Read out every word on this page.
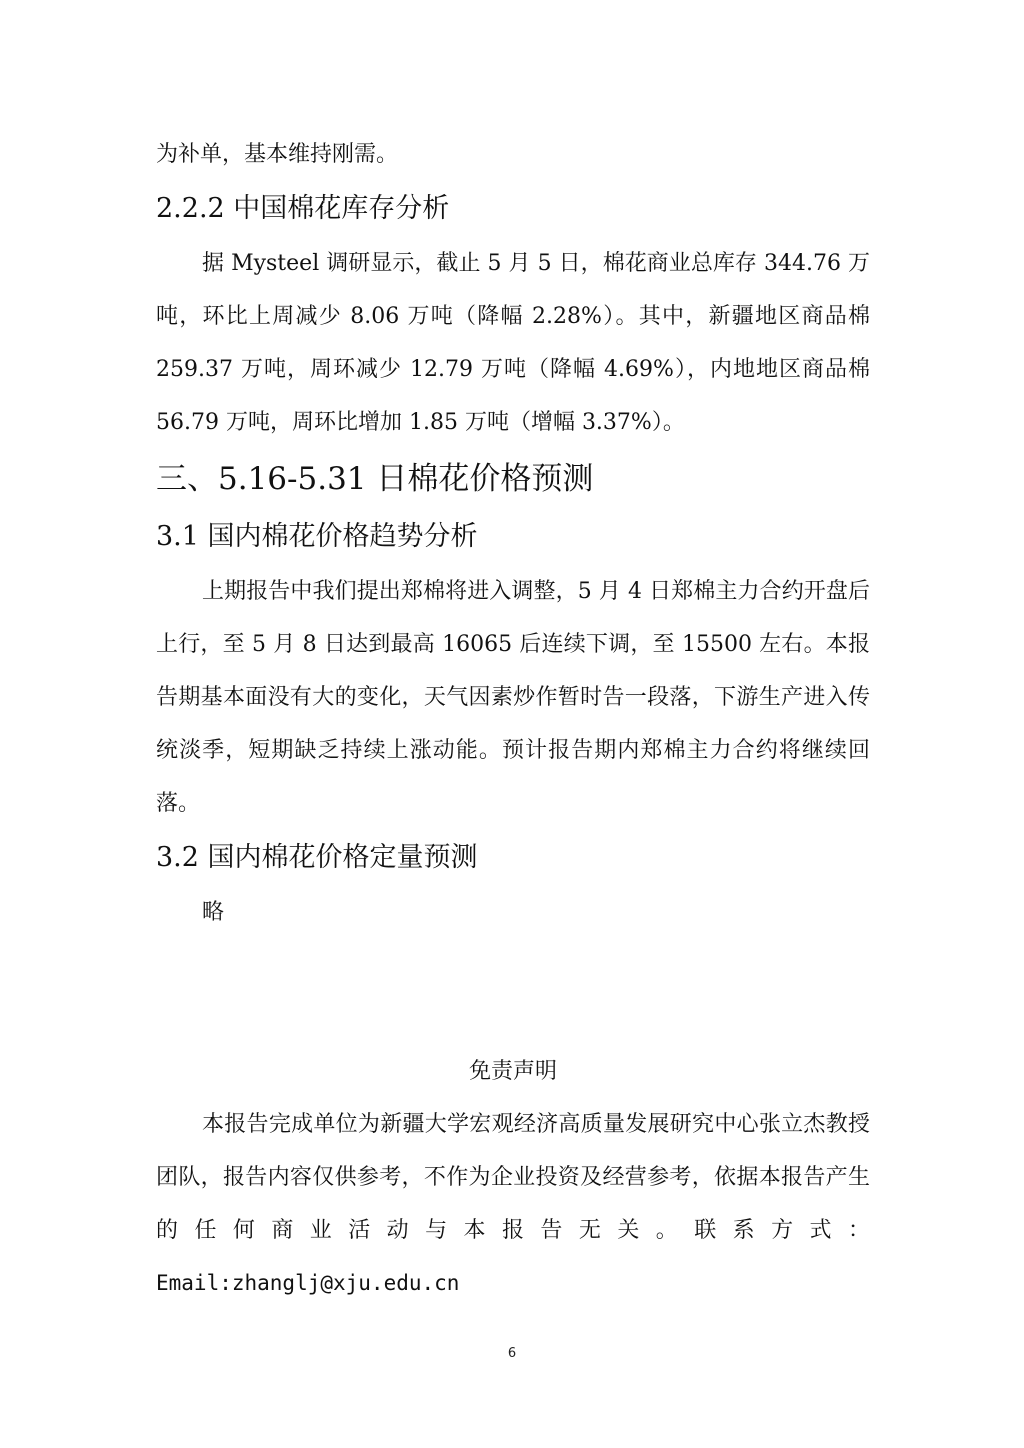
为补单，基本维持刚需。

2.2.2 中国棉花库存分析

据 Mysteel 调研显示，截止 5 月 5 日，棉花商业总库存 344.76 万吨，环比上周减少 8.06 万吨（降幅 2.28%）。其中，新疆地区商品棉 259.37 万吨，周环减少 12.79 万吨（降幅 4.69%），内地地区商品棉 56.79 万吨，周环比增加 1.85 万吨（增幅 3.37%）。

三、5.16-5.31 日棉花价格预测
3.1 国内棉花价格趋势分析

上期报告中我们提出郑棉将进入调整，5 月 4 日郑棉主力合约开盘后上行，至 5 月 8 日达到最高 16065 后连续下调，至 15500 左右。本报告期基本面没有大的变化，天气因素炒作暂时告一段落，下游生产进入传统淡季，短期缺乏持续上涨动能。预计报告期内郑棉主力合约将继续回落。

3.2 国内棉花价格定量预测

略

免责声明

本报告完成单位为新疆大学宏观经济高质量发展研究中心张立杰教授团队，报告内容仅供参考，不作为企业投资及经营参考，依据本报告产生的任何商业活动与本报告无关。联系方式：

Email:zhanglj@xju.edu.cn

6
